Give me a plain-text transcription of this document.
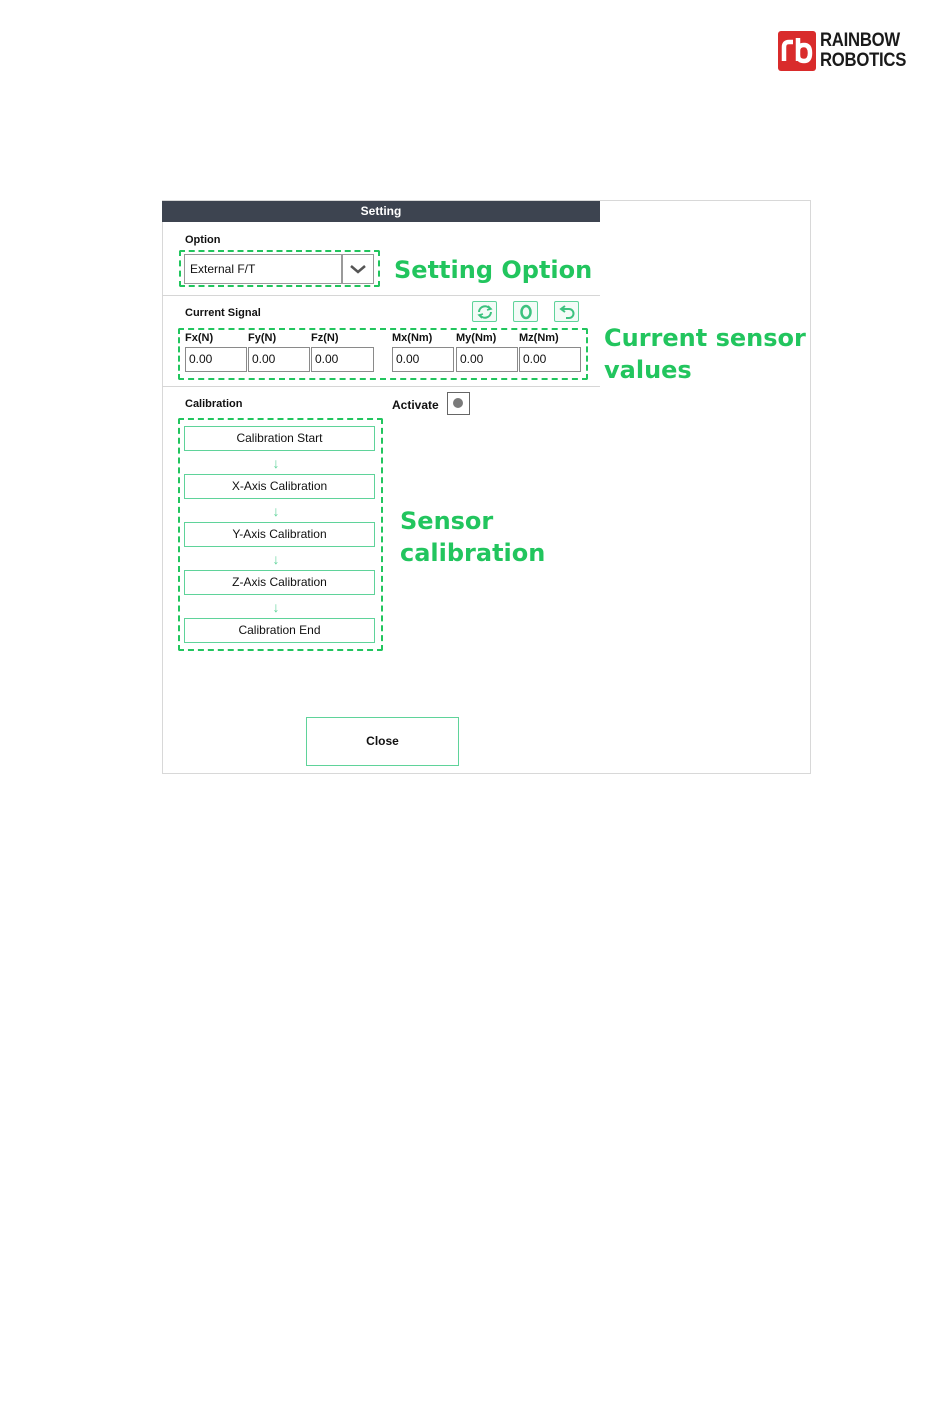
RAINBOW
ROBOTICS
Setting
Option
External F/T	Setting Option
Current Signal
Fx(N)	Fy(N)	Fz(N)	Mx(Nm) My(Nm) Mz(Nm)
0.00	0.00	0.00	0.00	0.00	0.00
Current sensor
values
Calibration	Activate
Calibration Start
↓
X-Axis Calibration
↓
Y-Axis Calibration
↓
Z-Axis Calibration
↓
Calibration End
Sensor
calibration
Close
